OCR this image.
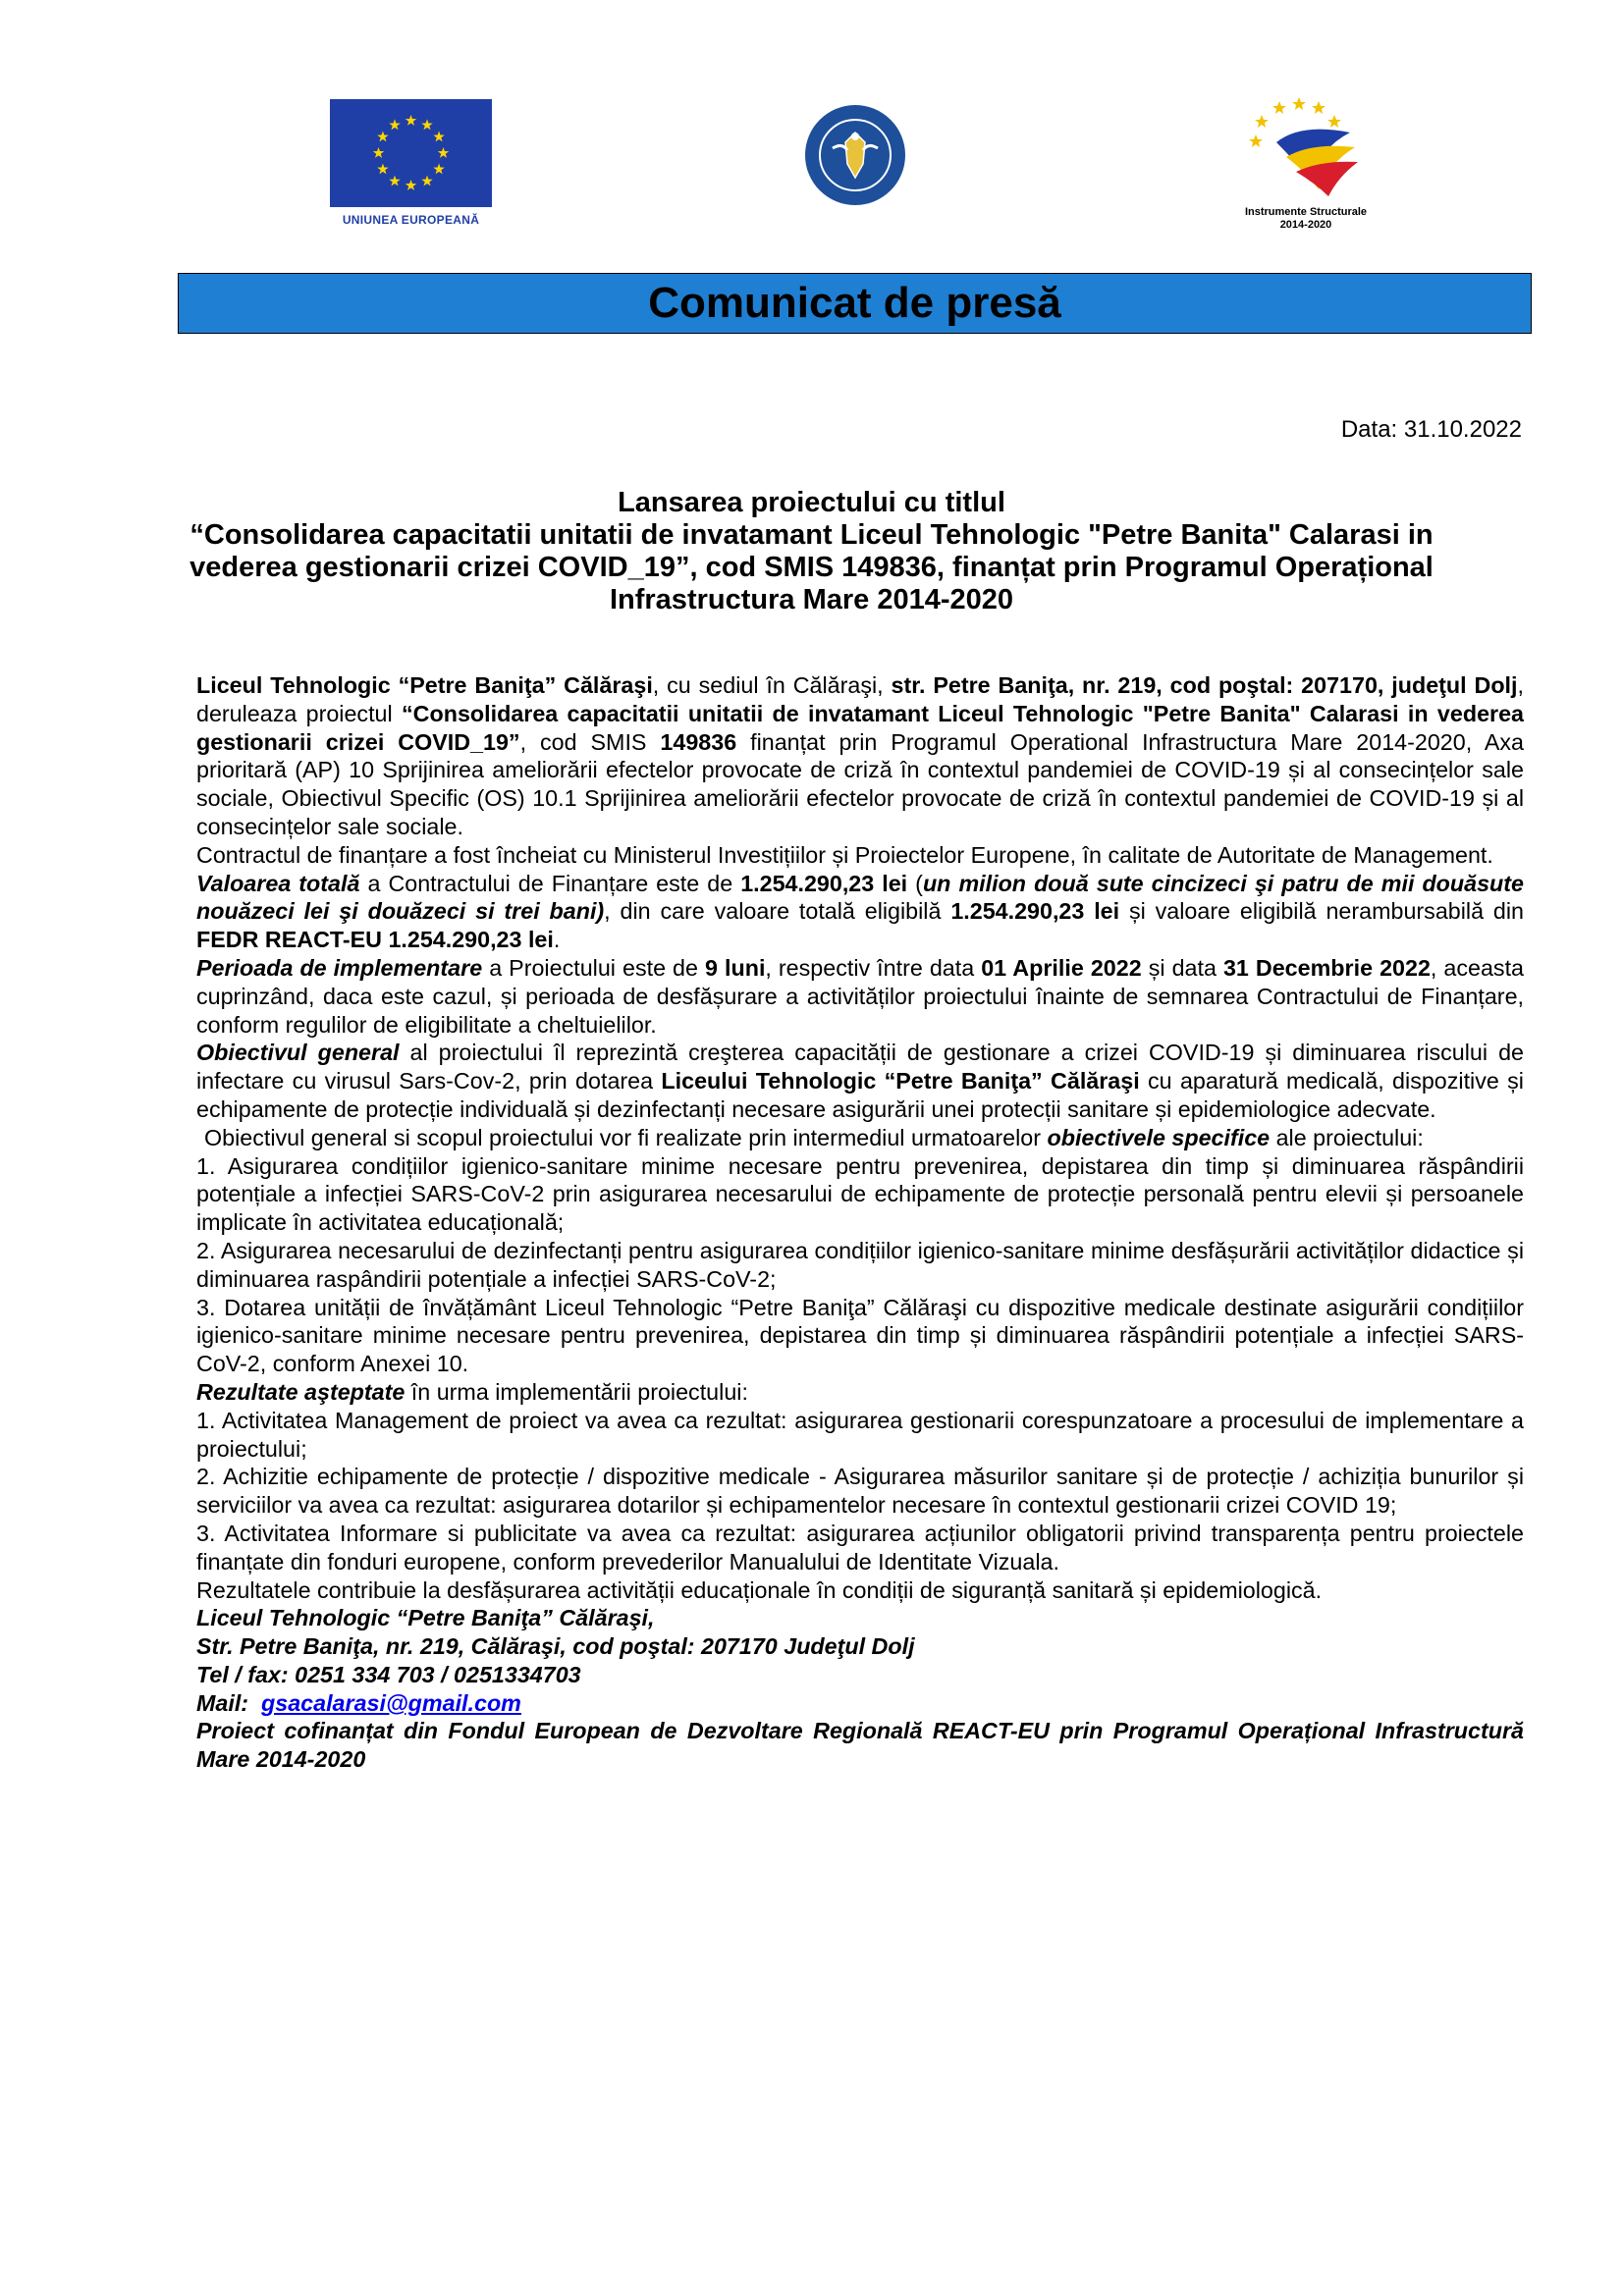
UNIUNEA EUROPEANĂ
Instrumente Structurale
2014-2020
Comunicat de presă
Data: 31.10.2022
Lansarea proiectului cu titlul
“Consolidarea capacitatii unitatii de invatamant Liceul Tehnologic "Petre Banita" Calarasi in vederea gestionarii crizei COVID_19”, cod SMIS 149836, finanțat prin Programul Operațional Infrastructura Mare 2014-2020

Liceul Tehnologic “Petre Baniţa” Călăraşi, cu sediul în Călăraşi, str. Petre Baniţa, nr. 219, cod poştal: 207170, judeţul Dolj, deruleaza proiectul “Consolidarea capacitatii unitatii de invatamant Liceul Tehnologic "Petre Banita" Calarasi in vederea gestionarii crizei COVID_19”, cod SMIS 149836 finanțat prin Programul Operational Infrastructura Mare 2014-2020, Axa prioritară (AP) 10 Sprijinirea ameliorării efectelor provocate de criză în contextul pandemiei de COVID-19 și al consecințelor sale sociale, Obiectivul Specific (OS) 10.1 Sprijinirea ameliorării efectelor provocate de criză în contextul pandemiei de COVID-19 și al consecințelor sale sociale.

Contractul de finanțare a fost încheiat cu Ministerul Investițiilor și Proiectelor Europene, în calitate de Autoritate de Management.

Valoarea totală a Contractului de Finanțare este de 1.254.290,23 lei (un milion două sute cincizeci şi patru de mii douăsute nouăzeci lei şi douăzeci si trei bani), din care valoare totală eligibilă 1.254.290,23 lei și valoare eligibilă nerambursabilă din FEDR REACT-EU 1.254.290,23 lei.

Perioada de implementare a Proiectului este de 9 luni, respectiv între data 01 Aprilie 2022 și data 31 Decembrie 2022, aceasta cuprinzând, daca este cazul, și perioada de desfășurare a activităților proiectului înainte de semnarea Contractului de Finanțare, conform regulilor de eligibilitate a cheltuielilor.

Obiectivul general al proiectului îl reprezintă creşterea capacității de gestionare a crizei COVID-19 și diminuarea riscului de infectare cu virusul Sars-Cov-2, prin dotarea Liceului Tehnologic “Petre Baniţa” Călăraşi cu aparatură medicală, dispozitive și echipamente de protecție individuală și dezinfectanți necesare asigurării unei protecții sanitare și epidemiologice adecvate.

Obiectivul general si scopul proiectului vor fi realizate prin intermediul urmatoarelor obiectivele specifice ale proiectului:

1. Asigurarea condițiilor igienico-sanitare minime necesare pentru prevenirea, depistarea din timp și diminuarea răspândirii potențiale a infecției SARS-CoV-2 prin asigurarea necesarului de echipamente de protecție personală pentru elevii și persoanele implicate în activitatea educațională;

2. Asigurarea necesarului de dezinfectanți pentru asigurarea condițiilor igienico-sanitare minime desfășurării activităților didactice și diminuarea raspândirii potențiale a infecției SARS-CoV-2;

3. Dotarea unității de învățământ Liceul Tehnologic “Petre Baniţa” Călăraşi cu dispozitive medicale destinate asigurării condițiilor igienico-sanitare minime necesare pentru prevenirea, depistarea din timp și diminuarea răspândirii potențiale a infecției SARS-CoV-2, conform Anexei 10.

Rezultate aşteptate în urma implementării proiectului:

1. Activitatea Management de proiect va avea ca rezultat: asigurarea gestionarii corespunzatoare a procesului de implementare a proiectului;

2. Achizitie echipamente de protecție / dispozitive medicale - Asigurarea măsurilor sanitare și de protecție / achiziția bunurilor și serviciilor va avea ca rezultat: asigurarea dotarilor și echipamentelor necesare în contextul gestionarii crizei COVID 19;

3. Activitatea Informare si publicitate va avea ca rezultat: asigurarea acțiunilor obligatorii privind transparența pentru proiectele finanțate din fonduri europene, conform prevederilor Manualului de Identitate Vizuala.

Rezultatele contribuie la desfășurarea activității educaționale în condiții de siguranță sanitară și epidemiologică.

Liceul Tehnologic “Petre Baniţa” Călăraşi,
Str. Petre Baniţa, nr. 219, Călăraşi, cod poştal: 207170 Judeţul Dolj
Tel / fax: 0251 334 703 / 0251334703
Mail:  gsacalarasi@gmail.com
Proiect cofinanțat din Fondul European de Dezvoltare Regională REACT-EU prin Programul Operațional Infrastructură Mare 2014-2020
